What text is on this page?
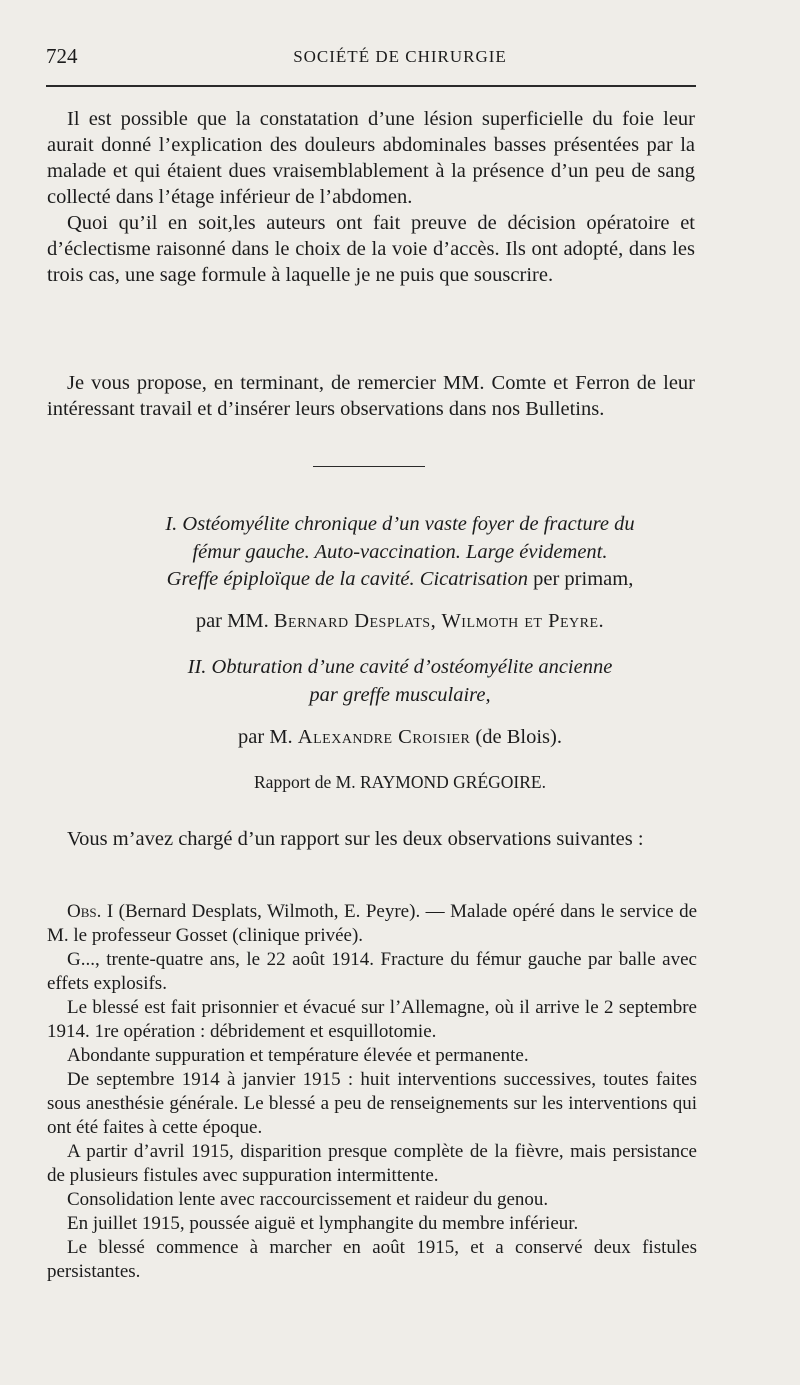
724	SOCIÉTÉ DE CHIRURGIE

Il est possible que la constatation d’une lésion superficielle du foie leur aurait donné l’explication des douleurs abdominales basses présentées par la malade et qui étaient dues vraisemblablement à la présence d’un peu de sang collecté dans l’étage inférieur de l’abdomen.

Quoi qu’il en soit,les auteurs ont fait preuve de décision opératoire et d’éclectisme raisonné dans le choix de la voie d’accès. Ils ont adopté, dans les trois cas, une sage formule à laquelle je ne puis que souscrire.

Je vous propose, en terminant, de remercier MM. Comte et Ferron de leur intéressant travail et d’insérer leurs observations dans nos Bulletins.

I. Ostéomyélite chronique d’un vaste foyer de fracture du
fémur gauche. Auto-vaccination. Large évidement.
Greffe épiploïque de la cavité. Cicatrisation per primam,
par MM. Bernard Desplats, Wilmoth et Peyre.
II. Obturation d’une cavité d’ostéomyélite ancienne
par greffe musculaire,
par M. Alexandre Croisier (de Blois).
Rapport de M. RAYMOND GRÉGOIRE.

Vous m’avez chargé d’un rapport sur les deux observations suivantes :

Obs. I (Bernard Desplats, Wilmoth, E. Peyre). — Malade opéré dans le service de M. le professeur Gosset (clinique privée).

G..., trente-quatre ans, le 22 août 1914. Fracture du fémur gauche par balle avec effets explosifs.

Le blessé est fait prisonnier et évacué sur l’Allemagne, où il arrive le 2 septembre 1914. 1re opération : débridement et esquillotomie.

Abondante suppuration et température élevée et permanente.

De septembre 1914 à janvier 1915 : huit interventions successives, toutes faites sous anesthésie générale. Le blessé a peu de renseignements sur les interventions qui ont été faites à cette époque.

A partir d’avril 1915, disparition presque complète de la fièvre, mais persistance de plusieurs fistules avec suppuration intermittente.

Consolidation lente avec raccourcissement et raideur du genou.

En juillet 1915, poussée aiguë et lymphangite du membre inférieur.

Le blessé commence à marcher en août 1915, et a conservé deux fistules persistantes.
